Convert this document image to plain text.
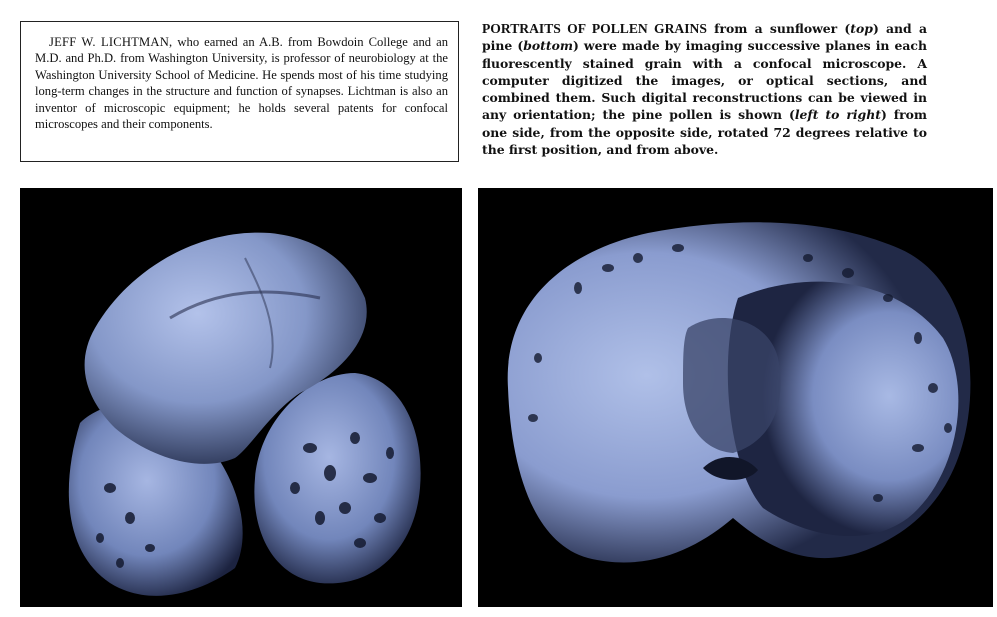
JEFF W. LICHTMAN, who earned an A.B. from Bowdoin College and an M.D. and Ph.D. from Washington University, is professor of neurobiology at the Washington University School of Medicine. He spends most of his time studying long-term changes in the structure and function of synapses. Lichtman is also an inventor of microscopic equipment; he holds several patents for confocal microscopes and their components.

PORTRAITS OF POLLEN GRAINS from a sunflower (top) and a pine (bottom) were made by imaging successive planes in each fluorescently stained grain with a confocal microscope. A computer digitized the images, or optical sections, and combined them. Such digital reconstructions can be viewed in any orientation; the pine pollen is shown (left to right) from one side, from the opposite side, rotated 72 degrees relative to the first position, and from above.
